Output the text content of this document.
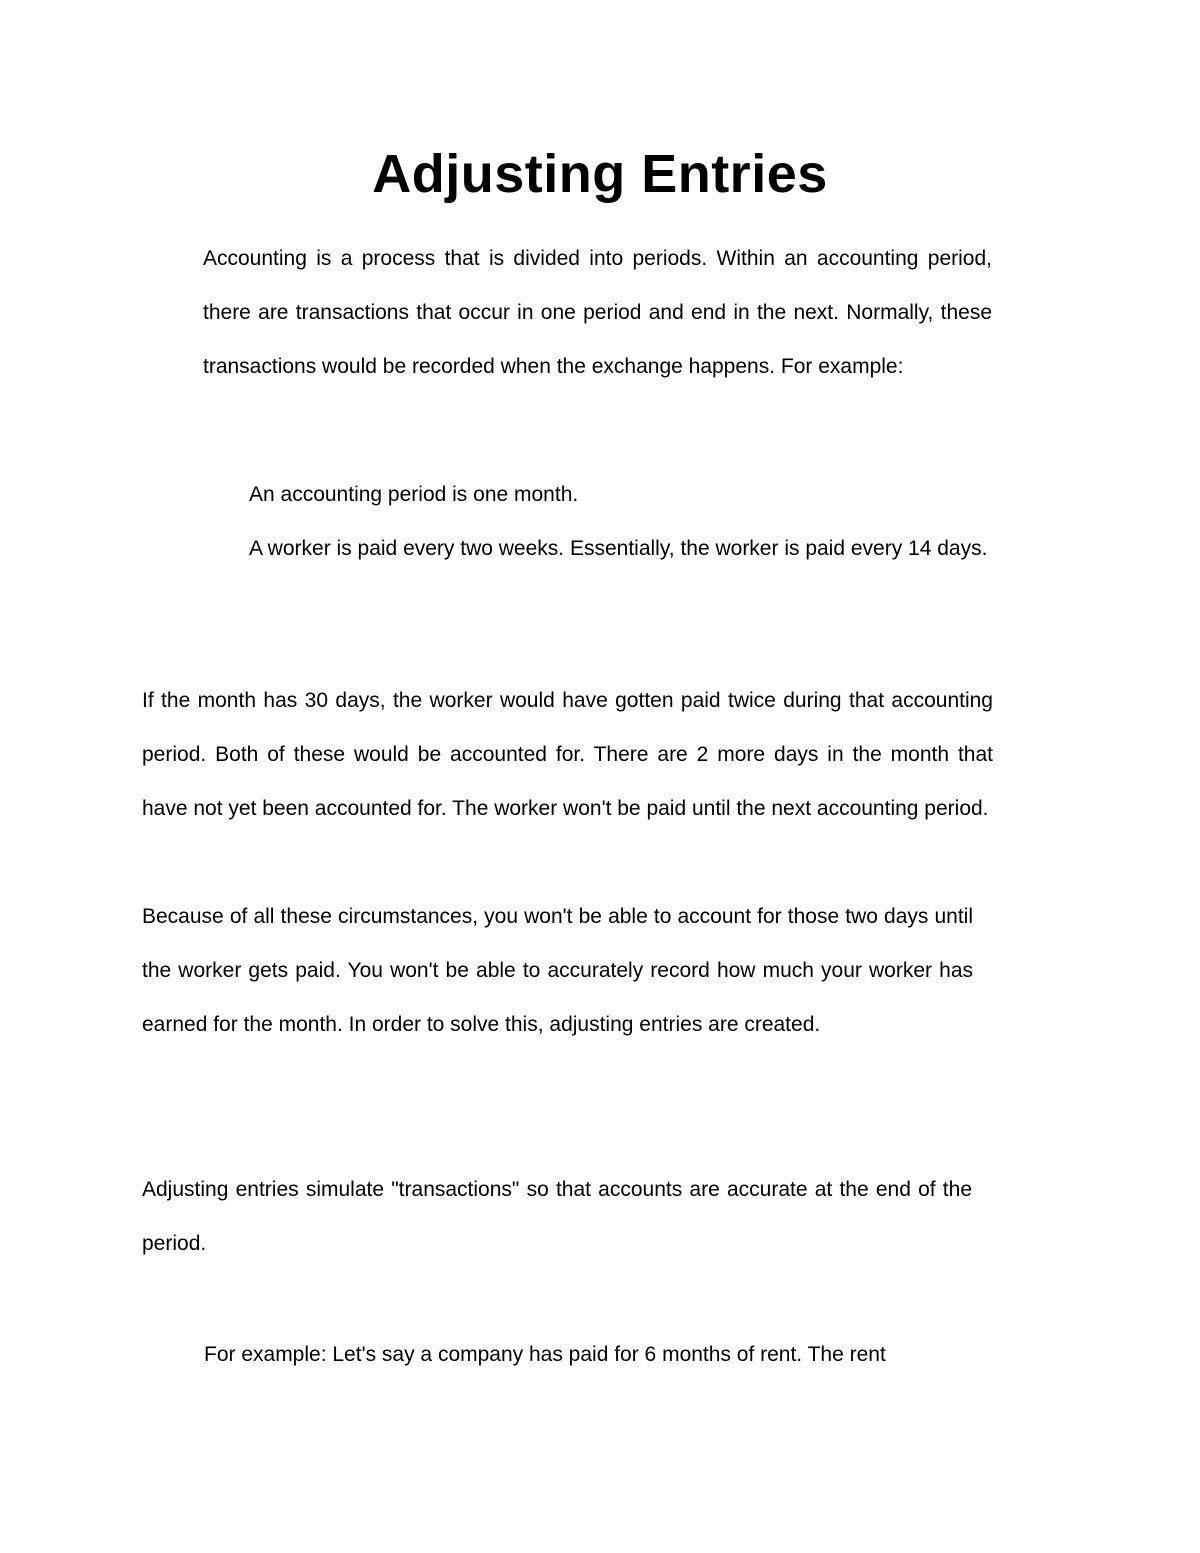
Adjusting Entries

Accounting is a process that is divided into periods. Within an accounting period, there are transactions that occur in one period and end in the next. Normally, these transactions would be recorded when the exchange happens. For example:

An accounting period is one month.

A worker is paid every two weeks. Essentially, the worker is paid every 14 days.

If the month has 30 days, the worker would have gotten paid twice during that accounting period. Both of these would be accounted for. There are 2 more days in the month that have not yet been accounted for. The worker won't be paid until the next accounting period.

Because of all these circumstances, you won't be able to account for those two days until the worker gets paid. You won't be able to accurately record how much your worker has earned for the month. In order to solve this, adjusting entries are created.

Adjusting entries simulate "transactions" so that accounts are accurate at the end of the period.

For example: Let's say a company has paid for 6 months of rent. The rent
